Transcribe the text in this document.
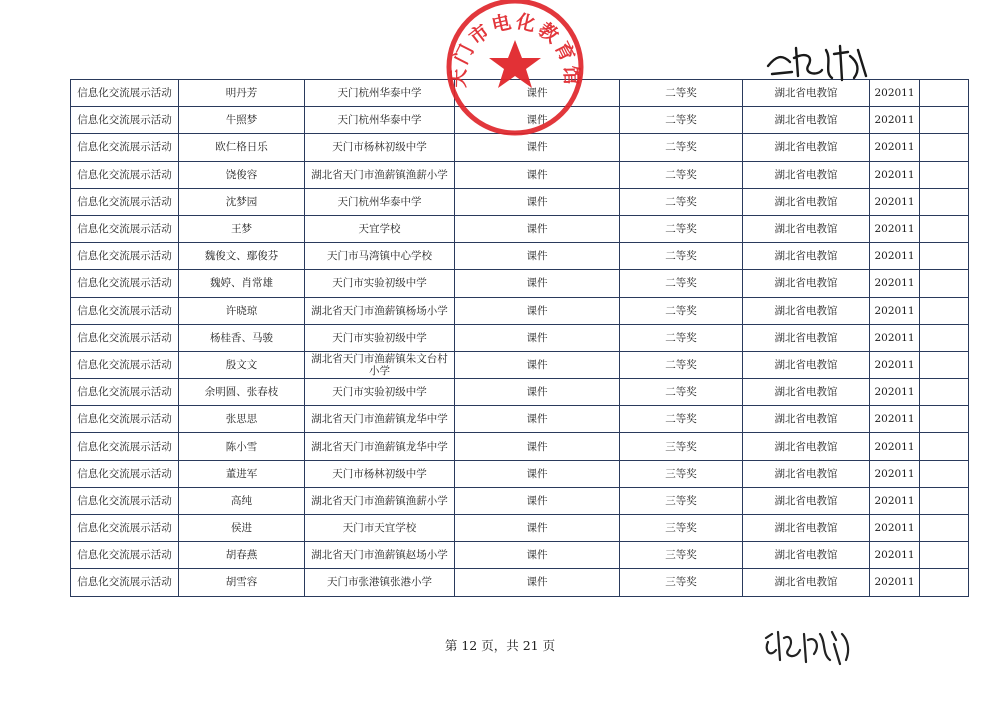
信息化交流展示活动	明丹芳	天门杭州华泰中学	课件	二等奖	湖北省电教馆	202011	
信息化交流展示活动	牛照梦	天门杭州华泰中学	课件	二等奖	湖北省电教馆	202011	
信息化交流展示活动	欧仁格日乐	天门市杨林初级中学	课件	二等奖	湖北省电教馆	202011	
信息化交流展示活动	饶俊容	湖北省天门市渔薪镇渔薪小学	课件	二等奖	湖北省电教馆	202011	
信息化交流展示活动	沈梦园	天门杭州华泰中学	课件	二等奖	湖北省电教馆	202011	
信息化交流展示活动	王梦	天宜学校	课件	二等奖	湖北省电教馆	202011	
信息化交流展示活动	魏俊文、鄢俊芬	天门市马湾镇中心学校	课件	二等奖	湖北省电教馆	202011	
信息化交流展示活动	魏婷、肖常雄	天门市实验初级中学	课件	二等奖	湖北省电教馆	202011	
信息化交流展示活动	许晓琼	湖北省天门市渔薪镇杨场小学	课件	二等奖	湖北省电教馆	202011	
信息化交流展示活动	杨桂香、马骏	天门市实验初级中学	课件	二等奖	湖北省电教馆	202011	
信息化交流展示活动	殷文文	湖北省天门市渔薪镇朱文台村小学	课件	二等奖	湖北省电教馆	202011	
信息化交流展示活动	余明圆、张春枝	天门市实验初级中学	课件	二等奖	湖北省电教馆	202011	
信息化交流展示活动	张思思	湖北省天门市渔薪镇龙华中学	课件	二等奖	湖北省电教馆	202011	
信息化交流展示活动	陈小雪	湖北省天门市渔薪镇龙华中学	课件	三等奖	湖北省电教馆	202011	
信息化交流展示活动	董进军	天门市杨林初级中学	课件	三等奖	湖北省电教馆	202011	
信息化交流展示活动	高纯	湖北省天门市渔薪镇渔薪小学	课件	三等奖	湖北省电教馆	202011	
信息化交流展示活动	侯进	天门市天宜学校	课件	三等奖	湖北省电教馆	202011	
信息化交流展示活动	胡春燕	湖北省天门市渔薪镇赵场小学	课件	三等奖	湖北省电教馆	202011	
信息化交流展示活动	胡雪容	天门市张港镇张港小学	课件	三等奖	湖北省电教馆	202011	
天门市电化教育馆
第 12 页，共 21 页
